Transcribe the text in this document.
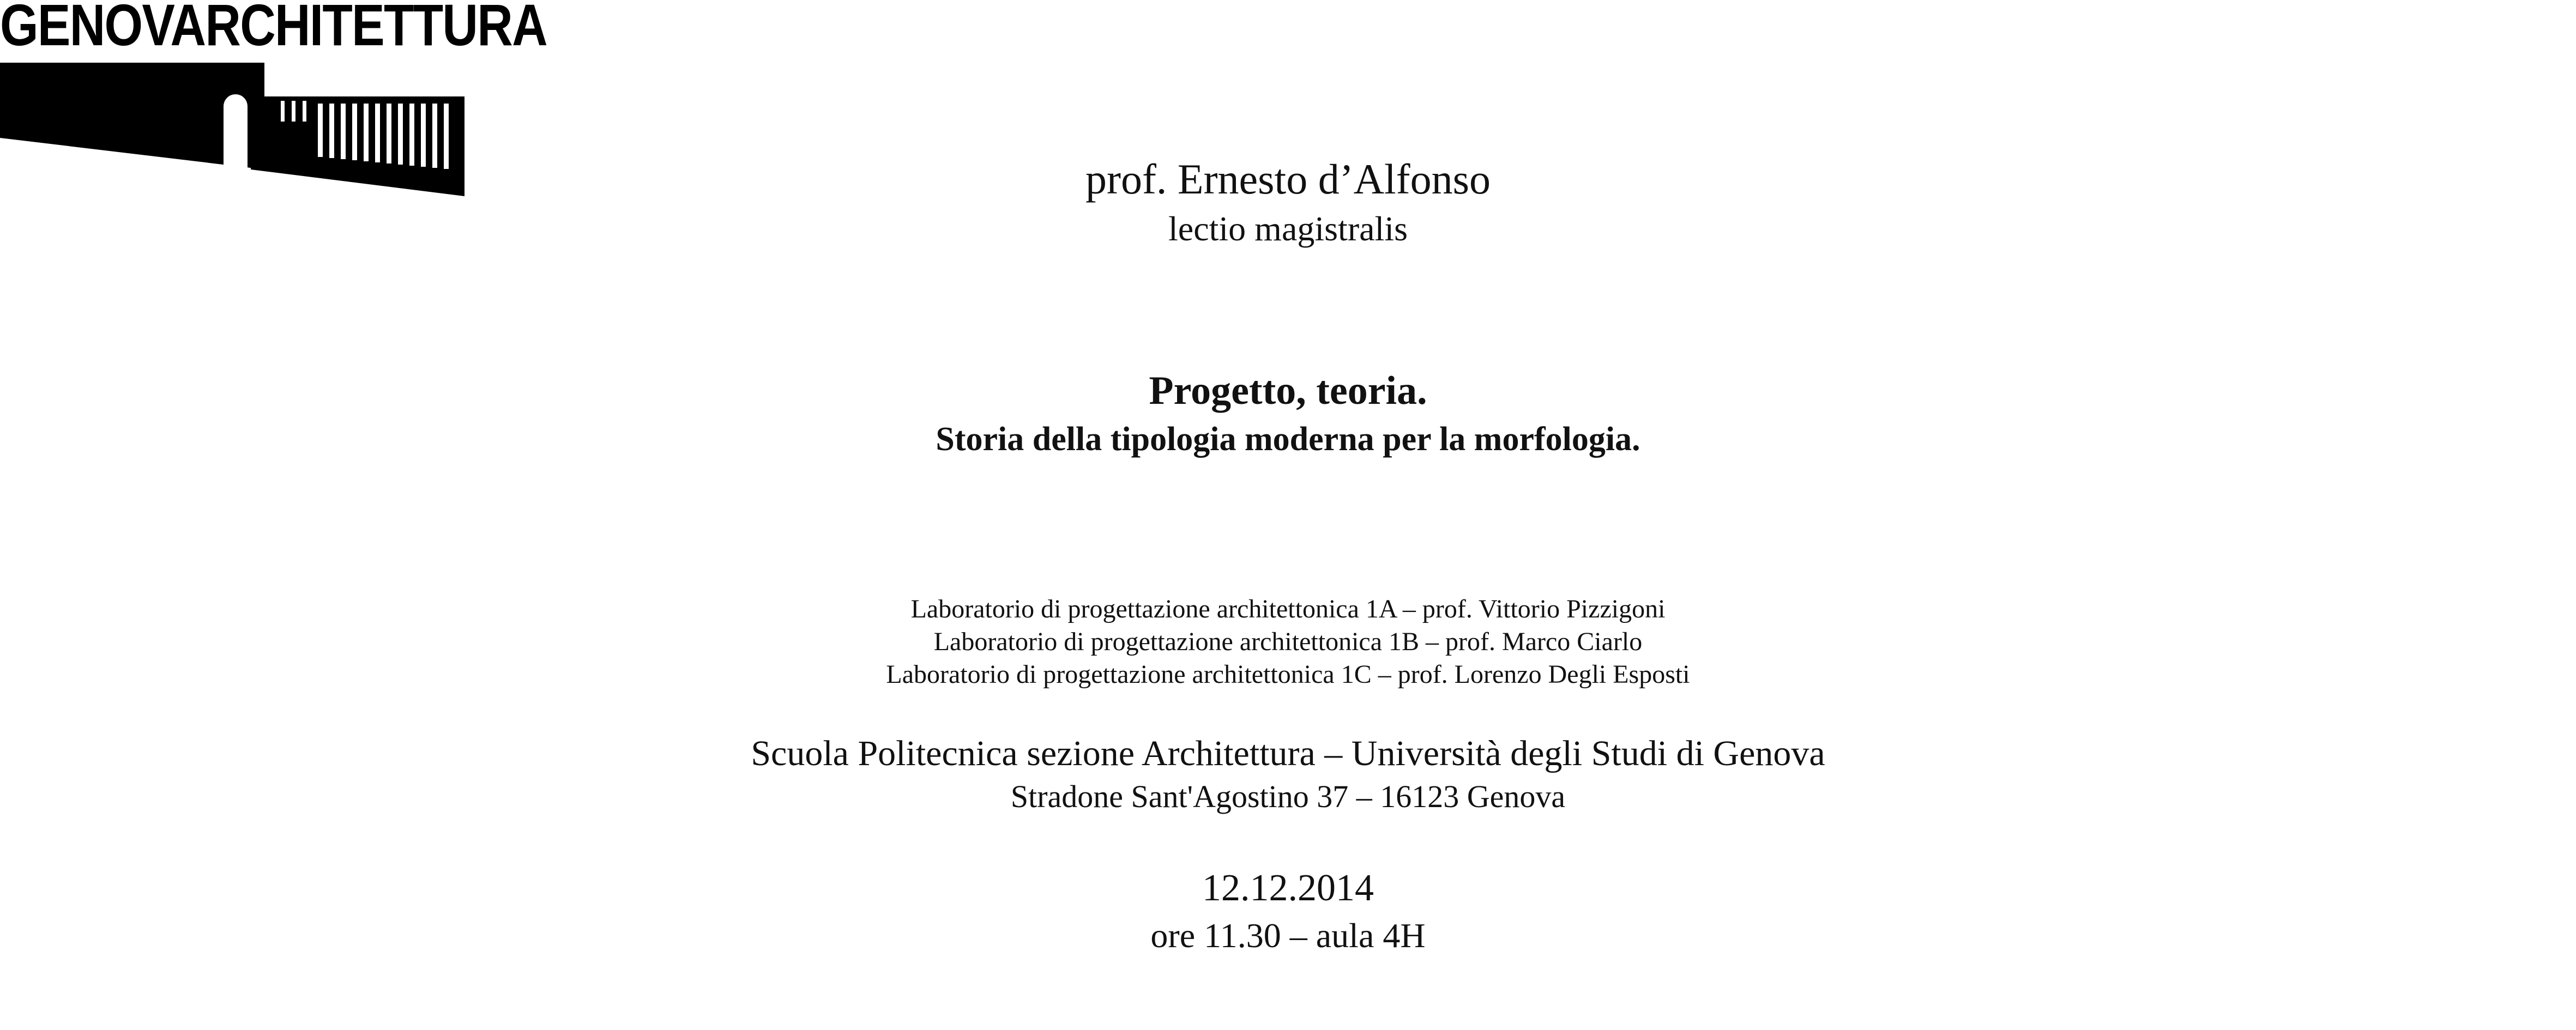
GENOVARCHITETTURA
prof. Ernesto d’Alfonso
lectio magistralis
Progetto, teoria.
Storia della tipologia moderna per la morfologia.
Laboratorio di progettazione architettonica 1A – prof. Vittorio Pizzigoni
Laboratorio di progettazione architettonica 1B – prof. Marco Ciarlo
Laboratorio di progettazione architettonica 1C – prof. Lorenzo Degli Esposti
Scuola Politecnica sezione Architettura – Università degli Studi di Genova
Stradone Sant'Agostino 37 – 16123 Genova
12.12.2014
ore 11.30 – aula 4H
